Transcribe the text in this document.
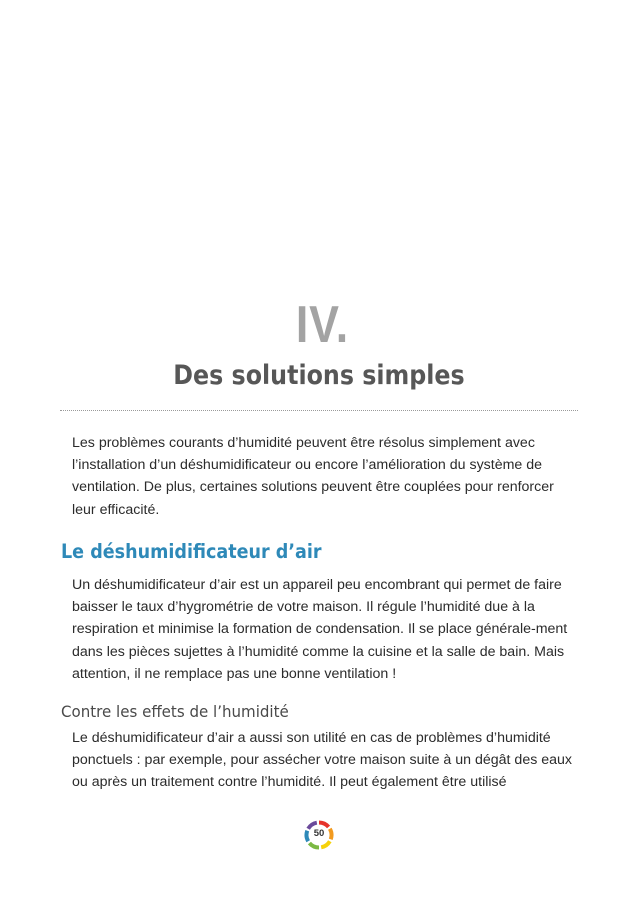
IV.
Des solutions simples

Les problèmes courants d’humidité peuvent être résolus simplement avec l’installation d’un déshumidificateur ou encore l’amélioration du système de ventilation. De plus, certaines solutions peuvent être couplées pour renforcer leur efficacité.

Le déshumidificateur d’air

Un déshumidificateur d’air est un appareil peu encombrant qui permet de faire baisser le taux d’hygrométrie de votre maison. Il régule l’humidité due à la respiration et minimise la formation de condensation. Il se place générale-ment dans les pièces sujettes à l’humidité comme la cuisine et la salle de bain. Mais attention, il ne remplace pas une bonne ventilation !

Contre les effets de l’humidité

Le déshumidificateur d’air a aussi son utilité en cas de problèmes d’humidité ponctuels : par exemple, pour assécher votre maison suite à un dégât des eaux ou après un traitement contre l’humidité. Il peut également être utilisé

50
